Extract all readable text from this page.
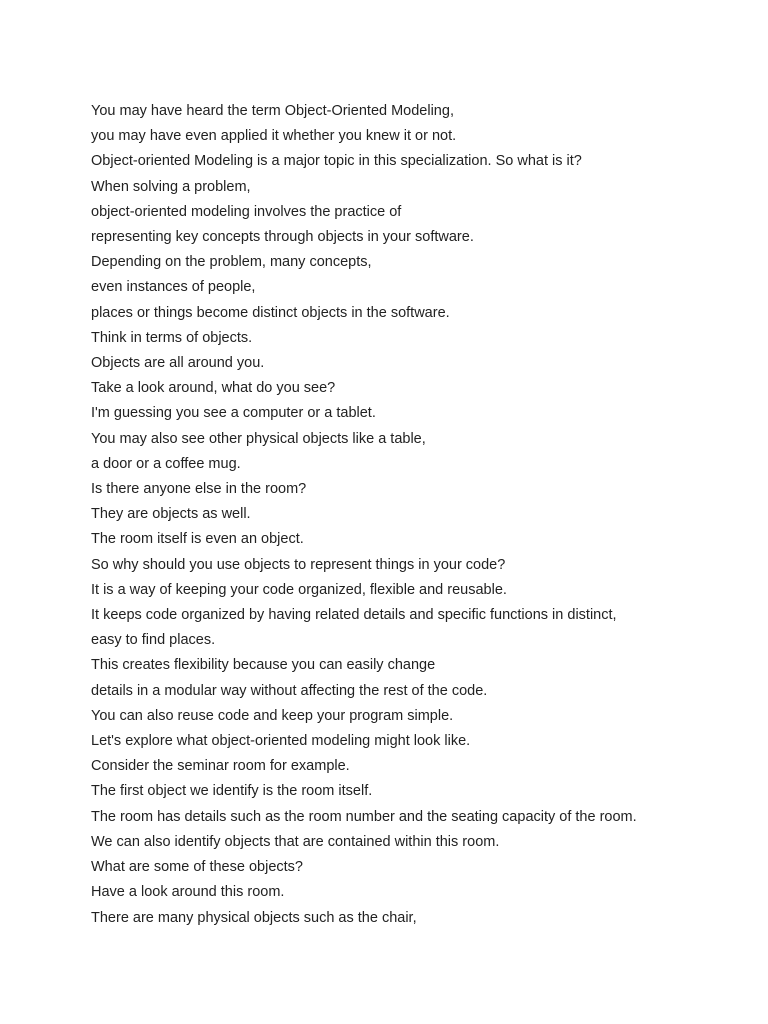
You may have heard the term Object-Oriented Modeling,
you may have even applied it whether you knew it or not.
Object-oriented Modeling is a major topic in this specialization. So what is it?
When solving a problem,
object-oriented modeling involves the practice of
representing key concepts through objects in your software.
Depending on the problem, many concepts,
even instances of people,
places or things become distinct objects in the software.
Think in terms of objects.
Objects are all around you.
Take a look around, what do you see?
I'm guessing you see a computer or a tablet.
You may also see other physical objects like a table,
a door or a coffee mug.
Is there anyone else in the room?
They are objects as well.
The room itself is even an object.
So why should you use objects to represent things in your code?
It is a way of keeping your code organized, flexible and reusable.
It keeps code organized by having related details and specific functions in distinct,
easy to find places.
This creates flexibility because you can easily change
details in a modular way without affecting the rest of the code.
You can also reuse code and keep your program simple.
Let's explore what object-oriented modeling might look like.
Consider the seminar room for example.
The first object we identify is the room itself.
The room has details such as the room number and the seating capacity of the room.
We can also identify objects that are contained within this room.
What are some of these objects?
Have a look around this room.
There are many physical objects such as the chair,
